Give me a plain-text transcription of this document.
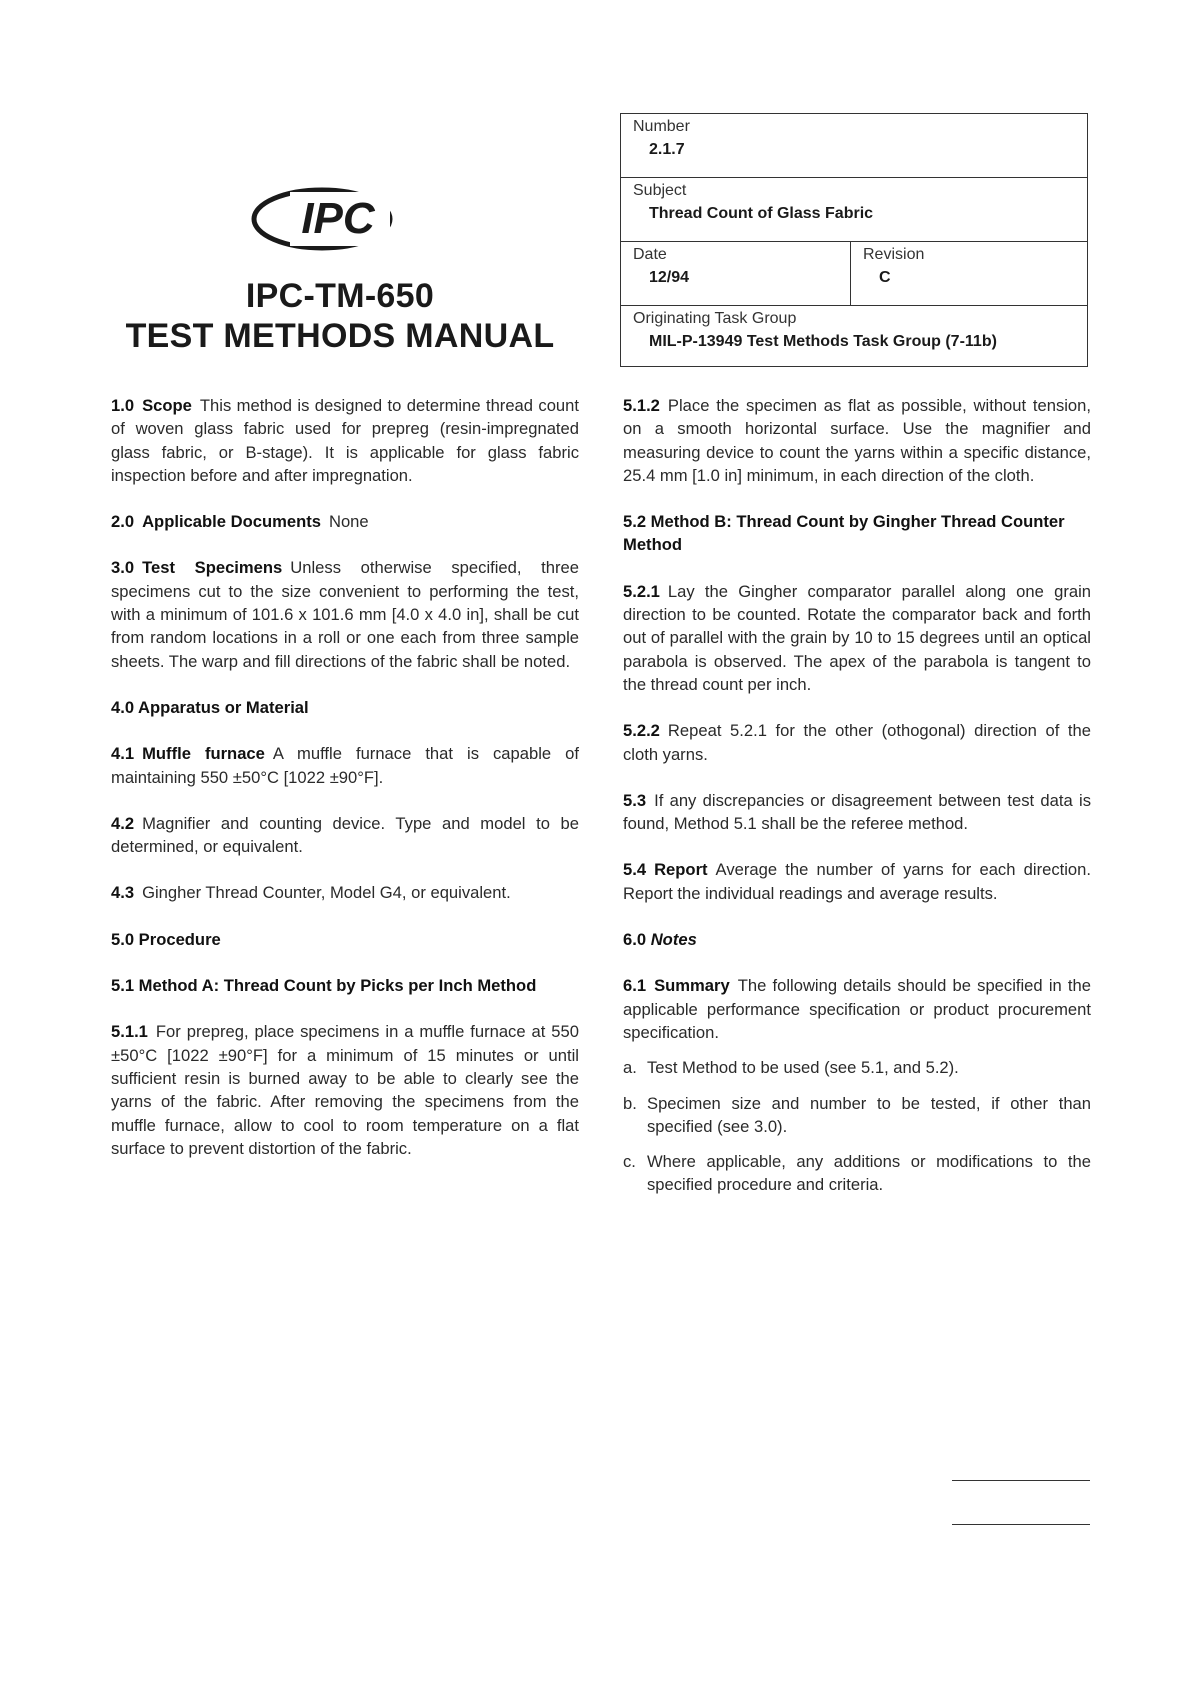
IPC
IPC-TM-650
TEST METHODS MANUAL
Number
2.1.7
Subject
Thread Count of Glass Fabric
Date
12/94
Revision
C
Originating Task Group
MIL-P-13949 Test Methods Task Group (7-11b)

1.0 Scope This method is designed to determine thread count of woven glass fabric used for prepreg (resin-impregnated glass fabric, or B-stage). It is applicable for glass fabric inspection before and after impregnation.

2.0 Applicable Documents None

3.0 Test Specimens Unless otherwise specified, three specimens cut to the size convenient to performing the test, with a minimum of 101.6 x 101.6 mm [4.0 x 4.0 in], shall be cut from random locations in a roll or one each from three sample sheets. The warp and fill directions of the fabric shall be noted.

4.0 Apparatus or Material

4.1 Muffle furnace A muffle furnace that is capable of maintaining 550 ±50°C [1022 ±90°F].

4.2 Magnifier and counting device. Type and model to be determined, or equivalent.

4.3 Gingher Thread Counter, Model G4, or equivalent.

5.0 Procedure

5.1 Method A: Thread Count by Picks per Inch Method

5.1.1 For prepreg, place specimens in a muffle furnace at 550 ±50°C [1022 ±90°F] for a minimum of 15 minutes or until sufficient resin is burned away to be able to clearly see the yarns of the fabric. After removing the specimens from the muffle furnace, allow to cool to room temperature on a flat surface to prevent distortion of the fabric.

5.1.2 Place the specimen as flat as possible, without tension, on a smooth horizontal surface. Use the magnifier and measuring device to count the yarns within a specific distance, 25.4 mm [1.0 in] minimum, in each direction of the cloth.

5.2 Method B: Thread Count by Gingher Thread Counter Method

5.2.1 Lay the Gingher comparator parallel along one grain direction to be counted. Rotate the comparator back and forth out of parallel with the grain by 10 to 15 degrees until an optical parabola is observed. The apex of the parabola is tangent to the thread count per inch.

5.2.2 Repeat 5.2.1 for the other (othogonal) direction of the cloth yarns.

5.3 If any discrepancies or disagreement between test data is found, Method 5.1 shall be the referee method.

5.4 Report Average the number of yarns for each direction. Report the individual readings and average results.

6.0 Notes

6.1 Summary The following details should be specified in the applicable performance specification or product procurement specification.

a. Test Method to be used (see 5.1, and 5.2).
b. Specimen size and number to be tested, if other than specified (see 3.0).
c. Where applicable, any additions or modifications to the specified procedure and criteria.
